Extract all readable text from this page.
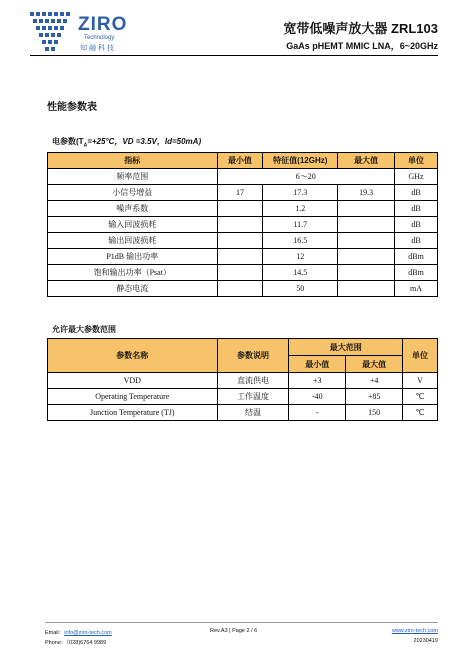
ZIRO
Technology
知融科技
宽带低噪声放大器 ZRL103
GaAs pHEMT MMIC LNA，6~20GHz
性能参数表
电参数($T_A=+25^\circ C$，VD =3.5V，Id=50mA)
指标	最小值	特征值(12GHz)	最大值	单位
频率范围	6～20			GHz
小信号增益	17	17.3	19.3	dB
噪声系数		1.2		dB
输入回波损耗		11.7		dB
输出回波损耗		16.5		dB
P1dB 输出功率		12		dBm
饱和输出功率（Psat）		14.5		dBm
静态电流		50		mA
允许最大参数范围
参数名称	参数说明	最大范围		单位
		最小值	最大值	
VDD	直流供电	+3	+4	V
Operating Temperature	工作温度	-40	+85	℃
Junction Temperature (TJ)	结温	-	150	℃
Email：info@ziro-tech.com
Phone：（028)6764 9989
Rev.A3 | Page 2 / 6	www.ziro-tech.com
20230419
